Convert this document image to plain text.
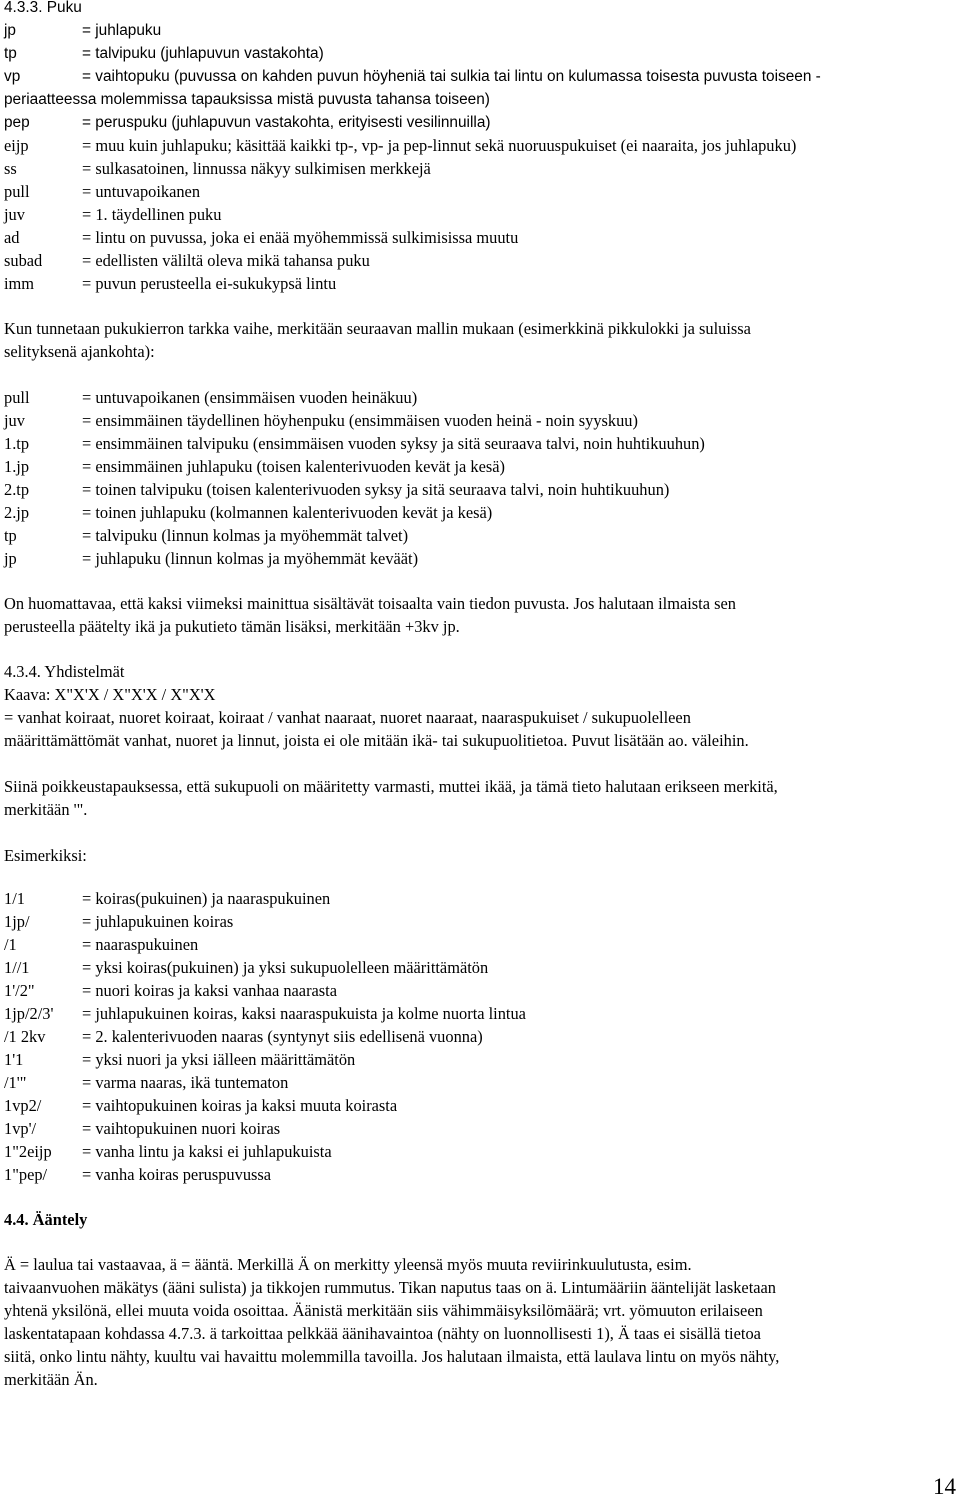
4.3.3. Puku
jp	= juhlapuku
tp	= talvipuku (juhlapuvun vastakohta)
vp	= vaihtopuku (puvussa on kahden puvun höyheniä tai sulkia tai lintu on kulumassa toisesta puvusta toiseen -
periaatteessa molemmissa tapauksissa mistä puvusta tahansa toiseen)
pep	= peruspuku (juhlapuvun vastakohta, erityisesti vesilinnuilla)
eijp	= muu kuin juhlapuku; käsittää kaikki tp-, vp- ja pep-linnut sekä nuoruuspukuiset (ei naaraita, jos juhlapuku)
ss	= sulkasatoinen, linnussa näkyy sulkimisen merkkejä
pull	= untuvapoikanen
juv	= 1. täydellinen puku
ad	= lintu on puvussa, joka ei enää myöhemmissä sulkimisissa muutu
subad	= edellisten väliltä oleva mikä tahansa puku
imm	= puvun perusteella ei-sukukypsä lintu
Kun tunnetaan pukukierron tarkka vaihe, merkitään seuraavan mallin mukaan (esimerkkinä pikkulokki ja suluissa
selityksenä ajankohta):
pull	= untuvapoikanen (ensimmäisen vuoden heinäkuu)
juv	= ensimmäinen täydellinen höyhenpuku (ensimmäisen vuoden heinä - noin syyskuu)
1.tp	= ensimmäinen talvipuku (ensimmäisen vuoden syksy ja sitä seuraava talvi, noin huhtikuuhun)
1.jp	= ensimmäinen juhlapuku (toisen kalenterivuoden kevät ja kesä)
2.tp	= toinen talvipuku (toisen kalenterivuoden syksy ja sitä seuraava talvi, noin huhtikuuhun)
2.jp	= toinen juhlapuku (kolmannen kalenterivuoden kevät ja kesä)
tp	= talvipuku (linnun kolmas ja myöhemmät talvet)
jp	= juhlapuku (linnun kolmas ja myöhemmät keväät)
On huomattavaa, että kaksi viimeksi mainittua sisältävät toisaalta vain tiedon puvusta. Jos halutaan ilmaista sen
perusteella päätelty ikä ja pukutieto tämän lisäksi, merkitään +3kv jp.
4.3.4. Yhdistelmät
Kaava: X"X'X / X"X'X / X"X'X
= vanhat koiraat, nuoret koiraat, koiraat / vanhat naaraat, nuoret naaraat, naaraspukuiset / sukupuolelleen
määrittämättömät vanhat, nuoret ja linnut, joista ei ole mitään ikä- tai sukupuolitietoa. Puvut lisätään ao. väleihin.
Siinä poikkeustapauksessa, että sukupuoli on määritetty varmasti, muttei ikää, ja tämä tieto halutaan erikseen merkitä,
merkitään '".
Esimerkiksi:
1/1	= koiras(pukuinen) ja naaraspukuinen
1jp/	= juhlapukuinen koiras
/1	= naaraspukuinen
1//1	= yksi koiras(pukuinen) ja yksi sukupuolelleen määrittämätön
1'/2"	= nuori koiras ja kaksi vanhaa naarasta
1jp/2/3'	= juhlapukuinen koiras, kaksi naaraspukuista ja kolme nuorta lintua
/1 2kv	= 2. kalenterivuoden naaras (syntynyt siis edellisenä vuonna)
1'1	= yksi nuori ja yksi iälleen määrittämätön
/1'"	= varma naaras, ikä tuntematon
1vp2/	= vaihtopukuinen koiras ja kaksi muuta koirasta
1vp'/	= vaihtopukuinen nuori koiras
1"2eijp	= vanha lintu ja kaksi ei juhlapukuista
1"pep/	= vanha koiras peruspuvussa
4.4. Ääntely
Ä = laulua tai vastaavaa, ä = ääntä. Merkillä Ä on merkitty yleensä myös muuta reviirinkuulutusta, esim.
taivaanvuohen mäkätys (ääni sulista) ja tikkojen rummutus. Tikan naputus taas on ä. Lintumääriin ääntelijät lasketaan
yhtenä yksilönä, ellei muuta voida osoittaa. Äänistä merkitään siis vähimmäisyksilömäärä; vrt. yömuuton erilaiseen
laskentatapaan kohdassa 4.7.3. ä tarkoittaa pelkkää äänihavaintoa (nähty on luonnollisesti 1), Ä taas ei sisällä tietoa
siitä, onko lintu nähty, kuultu vai havaittu molemmilla tavoilla. Jos halutaan ilmaista, että laulava lintu on myös nähty,
merkitään Än.
14
